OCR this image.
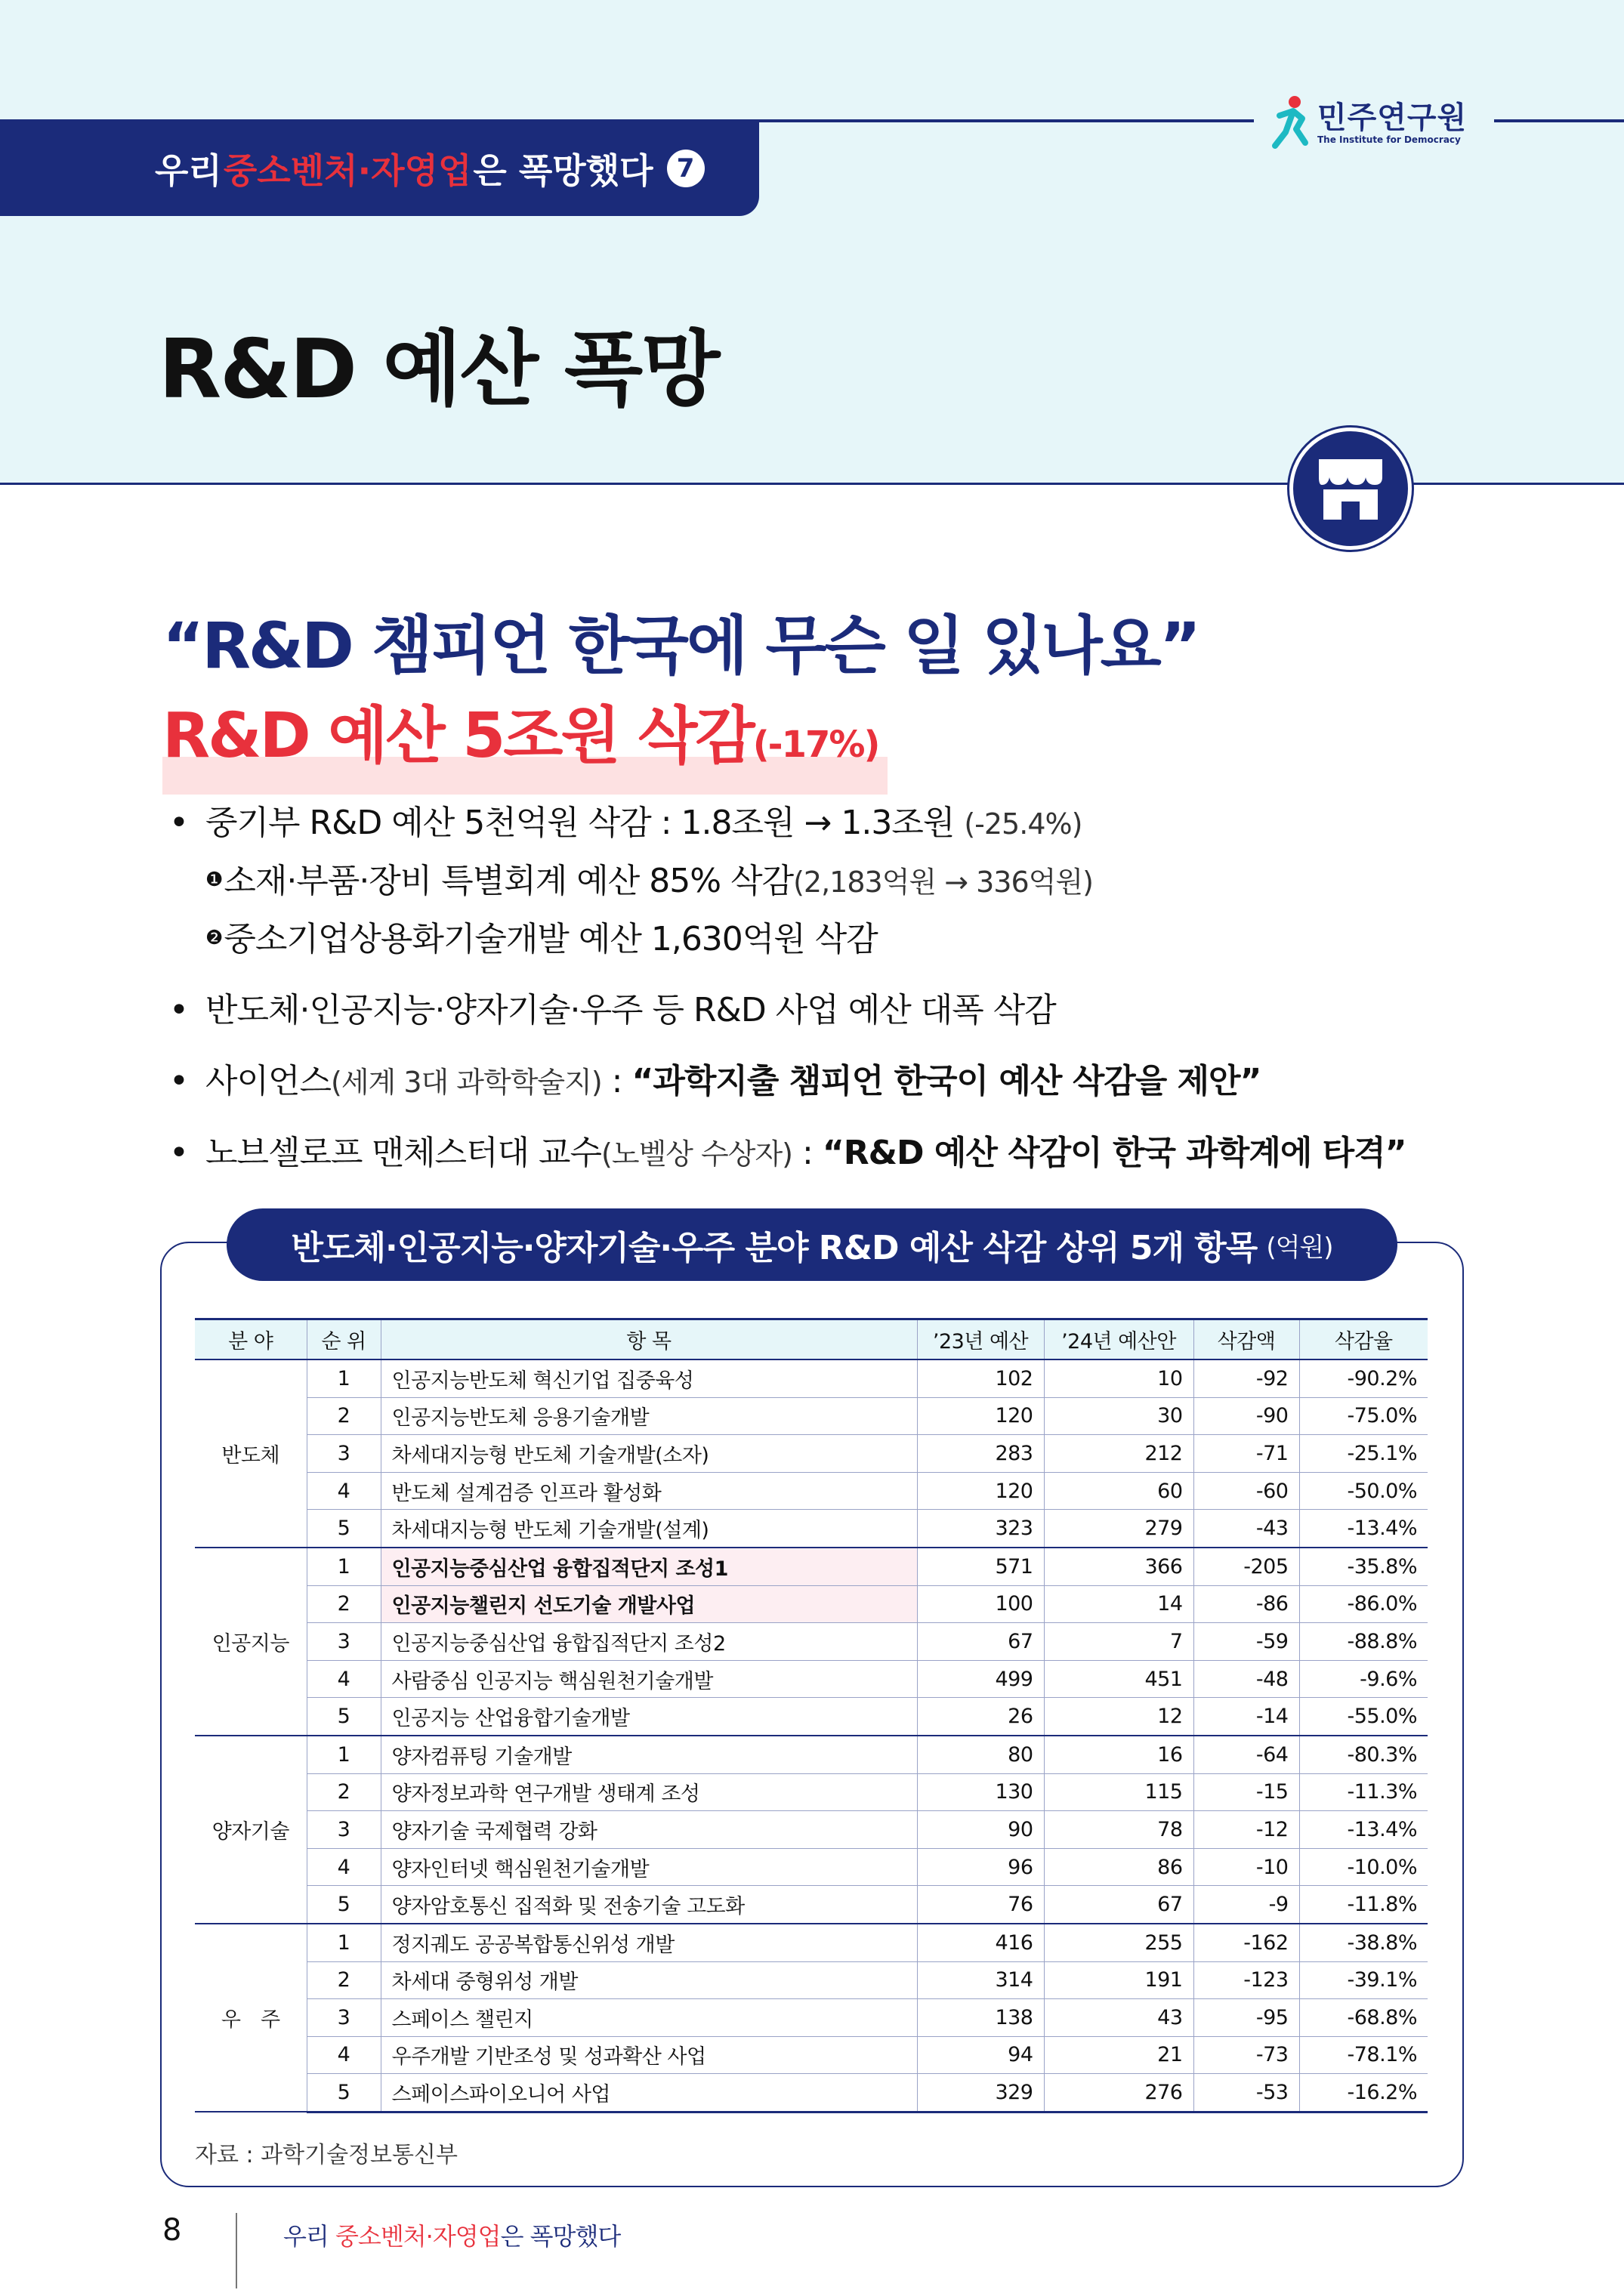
우리 중소벤처·자영업 은 폭망했다 7
민주연구원
The Institute for Democracy
R&D 예산 폭망
“R&D 챔피언 한국에 무슨 일 있나요”
R&D 예산 5조원 삭감(-17%)
• 중기부 R&D 예산 5천억원 삭감 : 1.8조원 → 1.3조원 (-25.4%)
$^❶$소재·부품·장비 특별회계 예산 85% 삭감(2,183억원 → 336억원)
$^❷$중소기업상용화기술개발 예산 1,630억원 삭감
• 반도체·인공지능·양자기술·우주 등 R&D 사업 예산 대폭 삭감
• 사이언스(세계 3대 과학학술지) : “과학지출 챔피언 한국이 예산 삭감을 제안”
• 노브셀로프 맨체스터대 교수(노벨상 수상자) : “R&D 예산 삭감이 한국 과학계에 타격”
반도체·인공지능·양자기술·우주 분야 R&D 예산 삭감 상위 5개 항목 (억원)
분 야	순 위	항 목	’23년 예산	’24년 예산안	삭감액	삭감율
반도체	1	인공지능반도체 혁신기업 집중육성	102	10	-92	-90.2%
	2	인공지능반도체 응용기술개발	120	30	-90	-75.0%
	3	차세대지능형 반도체 기술개발(소자)	283	212	-71	-25.1%
	4	반도체 설계검증 인프라 활성화	120	60	-60	-50.0%
	5	차세대지능형 반도체 기술개발(설계)	323	279	-43	-13.4%
인공지능	1	인공지능중심산업 융합집적단지 조성1	571	366	-205	-35.8%
	2	인공지능챌린지 선도기술 개발사업	100	14	-86	-86.0%
	3	인공지능중심산업 융합집적단지 조성2	67	7	-59	-88.8%
	4	사람중심 인공지능 핵심원천기술개발	499	451	-48	-9.6%
	5	인공지능 산업융합기술개발	26	12	-14	-55.0%
양자기술	1	양자컴퓨팅 기술개발	80	16	-64	-80.3%
	2	양자정보과학 연구개발 생태계 조성	130	115	-15	-11.3%
	3	양자기술 국제협력 강화	90	78	-12	-13.4%
	4	양자인터넷 핵심원천기술개발	96	86	-10	-10.0%
	5	양자암호통신 집적화 및 전송기술 고도화	76	67	-9	-11.8%
우　주	1	정지궤도 공공복합통신위성 개발	416	255	-162	-38.8%
	2	차세대 중형위성 개발	314	191	-123	-39.1%
	3	스페이스 챌린지	138	43	-95	-68.8%
	4	우주개발 기반조성 및 성과확산 사업	94	21	-73	-78.1%
	5	스페이스파이오니어 사업	329	276	-53	-16.2%
자료 : 과학기술정보통신부
8	우리 중소벤처·자영업은 폭망했다
